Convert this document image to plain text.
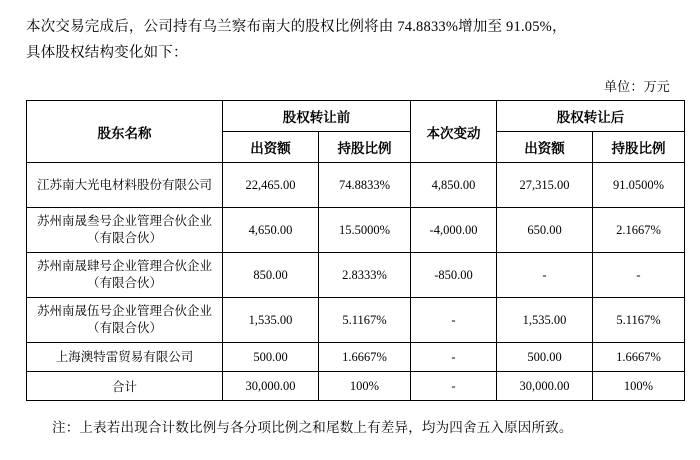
本次交易完成后，公司持有乌兰察布南大的股权比例将由 74.8833%增加至 91.05%，
具体股权结构变化如下：
单位：万元
股东名称	股权转让前		本次变动	股权转让后	
	出资额	持股比例		出资额	持股比例
江苏南大光电材料股份有限公司	22,465.00	74.8833%	4,850.00	27,315.00	91.0500%
苏州南晟叁号企业管理合伙企业（有限合伙）	4,650.00	15.5000%	-4,000.00	650.00	2.1667%
苏州南晟肆号企业管理合伙企业（有限合伙）	850.00	2.8333%	-850.00	-	-
苏州南晟伍号企业管理合伙企业（有限合伙）	1,535.00	5.1167%	-	1,535.00	5.1167%
上海澳特雷贸易有限公司	500.00	1.6667%	-	500.00	1.6667%
合计	30,000.00	100%	-	30,000.00	100%
注：上表若出现合计数比例与各分项比例之和尾数上有差异，均为四舍五入原因所致。
